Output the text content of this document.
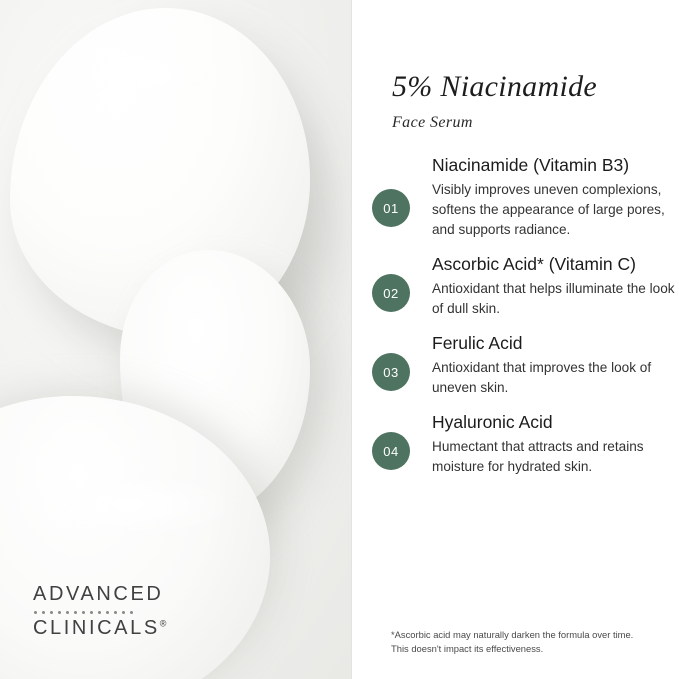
ADVANCED
CLINICALS®
5% Niacinamide
Face Serum
01
Niacinamide (Vitamin B3)
Visibly improves uneven complexions, softens the appearance of large pores, and supports radiance.
02
Ascorbic Acid* (Vitamin C)
Antioxidant that helps illuminate the look of dull skin.
03
Ferulic Acid
Antioxidant that improves the look of uneven skin.
04
Hyaluronic Acid
Humectant that attracts and retains moisture for hydrated skin.
*Ascorbic acid may naturally darken the formula over time. This doesn't impact its effectiveness.
